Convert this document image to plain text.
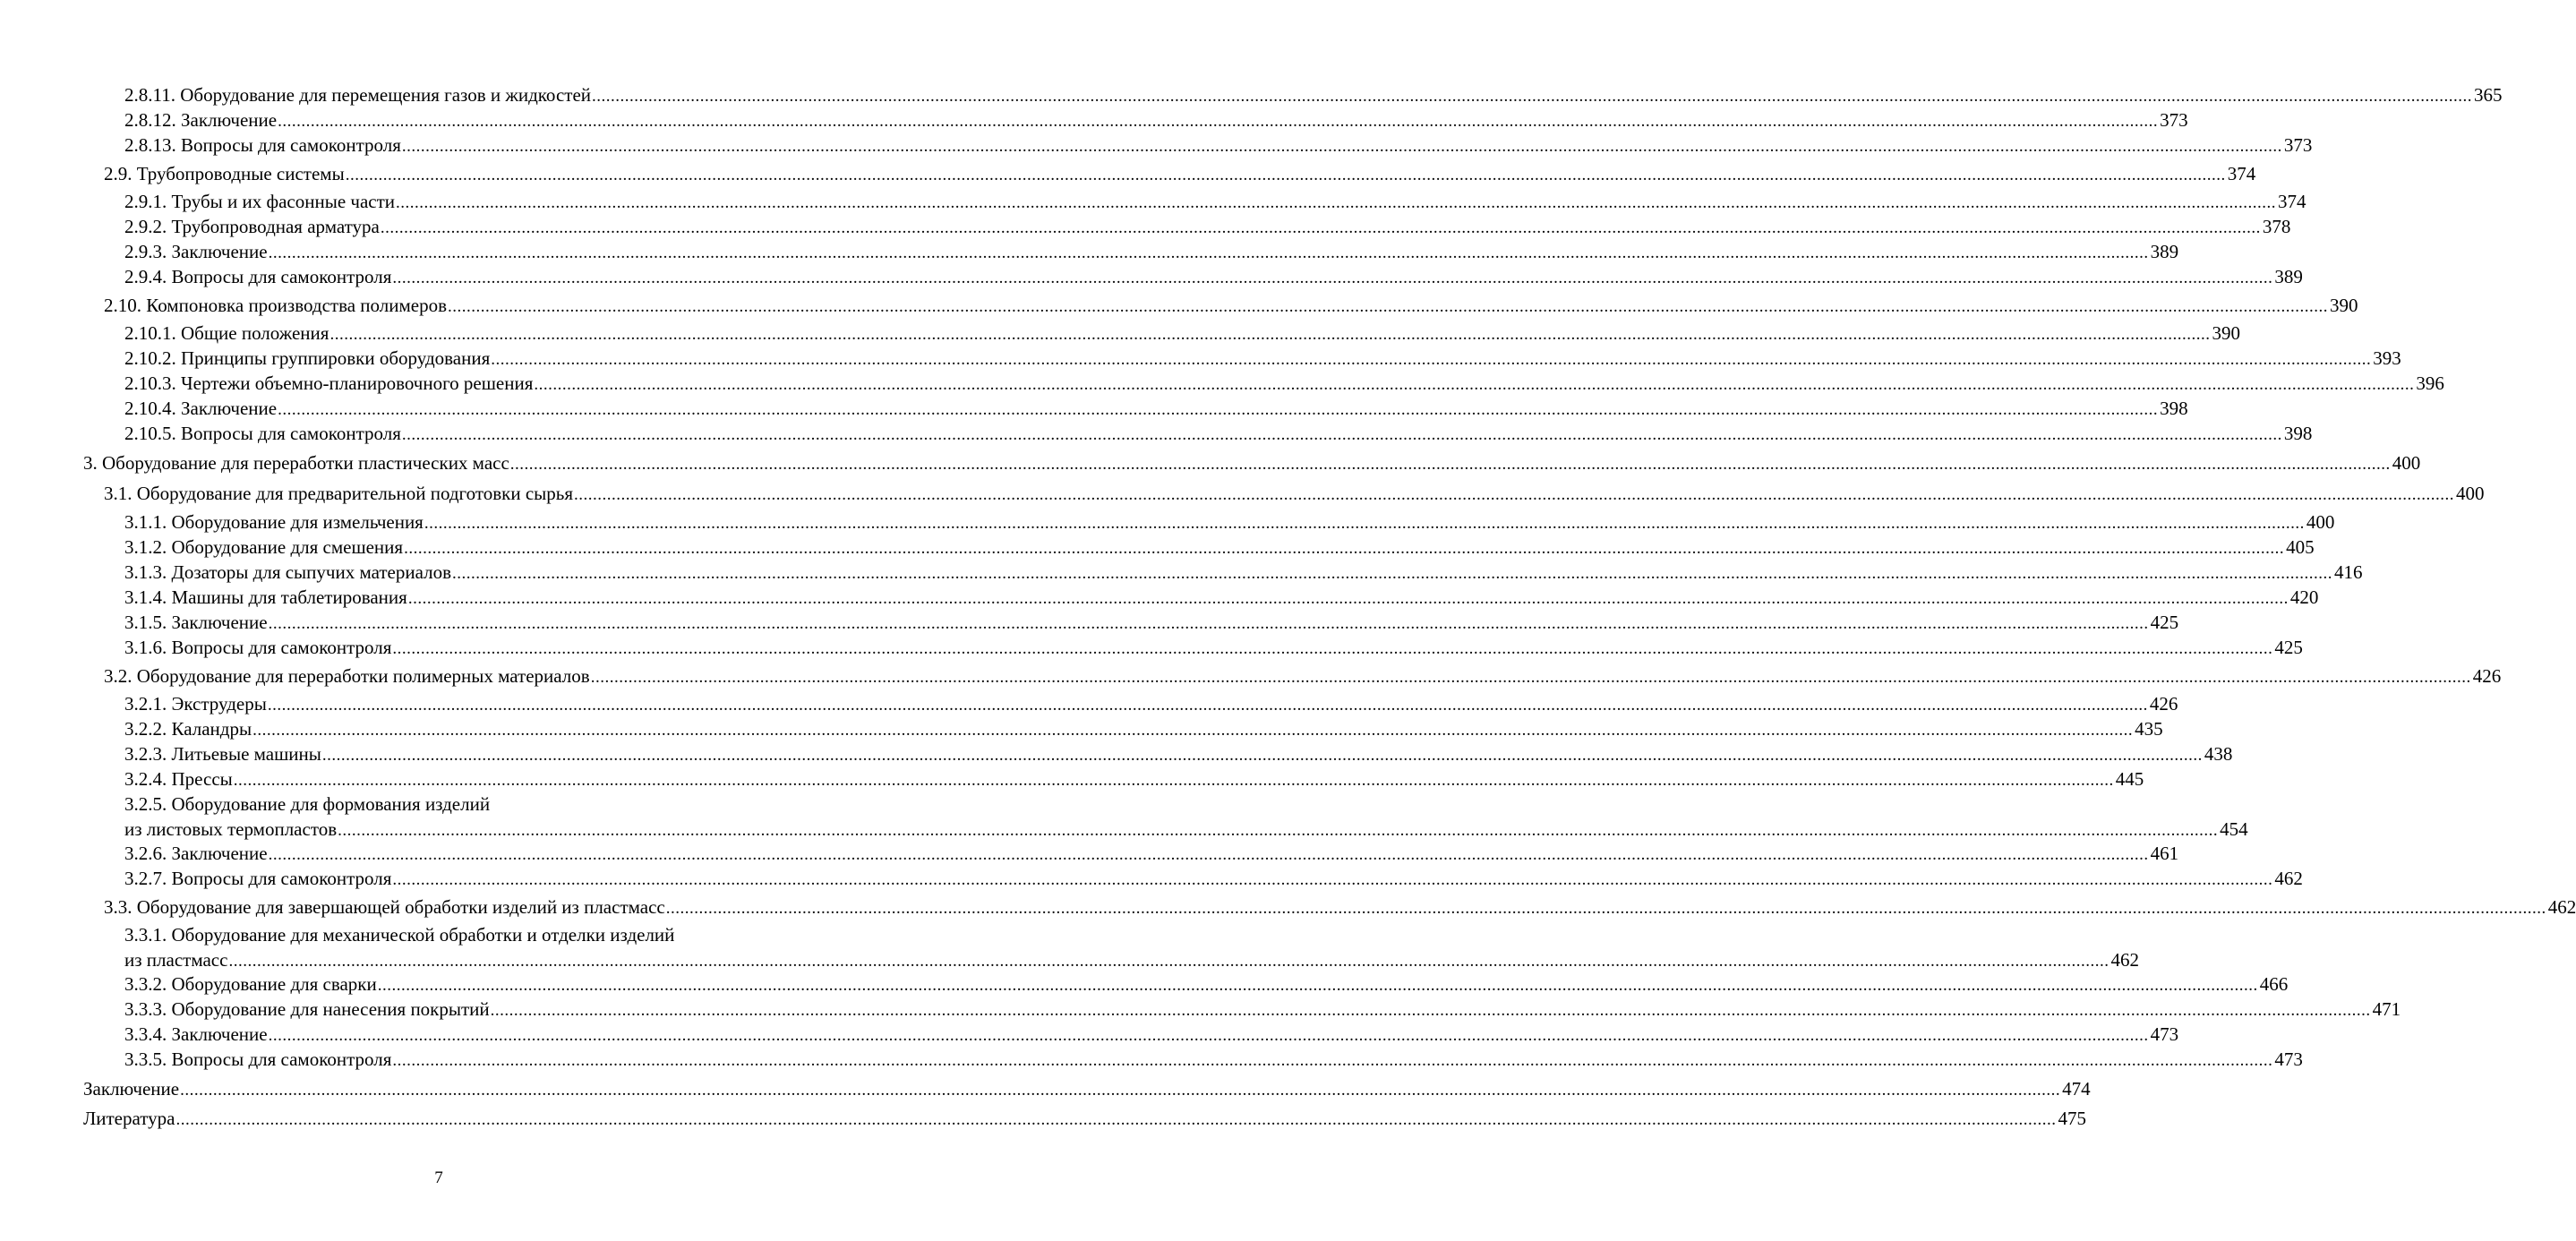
2.8.11. Оборудование для перемещения газов и жидкостей ................................................................................................................................................................................................................................................................................................................................................................................................................ 365
2.8.12. Заключение ................................................................................................................................................................................................................................................................................................................................................................................................................ 373
2.8.13. Вопросы для самоконтроля ................................................................................................................................................................................................................................................................................................................................................................................................................ 373
2.9. Трубопроводные системы ................................................................................................................................................................................................................................................................................................................................................................................................................ 374
2.9.1. Трубы и их фасонные части ................................................................................................................................................................................................................................................................................................................................................................................................................ 374
2.9.2. Трубопроводная арматура ................................................................................................................................................................................................................................................................................................................................................................................................................ 378
2.9.3. Заключение ................................................................................................................................................................................................................................................................................................................................................................................................................ 389
2.9.4. Вопросы для самоконтроля ................................................................................................................................................................................................................................................................................................................................................................................................................ 389
2.10. Компоновка производства полимеров ................................................................................................................................................................................................................................................................................................................................................................................................................ 390
2.10.1. Общие положения ................................................................................................................................................................................................................................................................................................................................................................................................................ 390
2.10.2. Принципы группировки оборудования ................................................................................................................................................................................................................................................................................................................................................................................................................ 393
2.10.3. Чертежи объемно-планировочного решения ................................................................................................................................................................................................................................................................................................................................................................................................................ 396
2.10.4. Заключение ................................................................................................................................................................................................................................................................................................................................................................................................................ 398
2.10.5. Вопросы для самоконтроля ................................................................................................................................................................................................................................................................................................................................................................................................................ 398
3. Оборудование для переработки пластических масс ................................................................................................................................................................................................................................................................................................................................................................................................................ 400
3.1. Оборудование для предварительной подготовки сырья ................................................................................................................................................................................................................................................................................................................................................................................................................ 400
3.1.1. Оборудование для измельчения ................................................................................................................................................................................................................................................................................................................................................................................................................ 400
3.1.2. Оборудование для смешения ................................................................................................................................................................................................................................................................................................................................................................................................................ 405
3.1.3. Дозаторы для сыпучих материалов ................................................................................................................................................................................................................................................................................................................................................................................................................ 416
3.1.4. Машины для таблетирования ................................................................................................................................................................................................................................................................................................................................................................................................................ 420
3.1.5. Заключение ................................................................................................................................................................................................................................................................................................................................................................................................................ 425
3.1.6. Вопросы для самоконтроля ................................................................................................................................................................................................................................................................................................................................................................................................................ 425
3.2. Оборудование для переработки полимерных материалов ................................................................................................................................................................................................................................................................................................................................................................................................................ 426
3.2.1. Экструдеры ................................................................................................................................................................................................................................................................................................................................................................................................................ 426
3.2.2. Каландры ................................................................................................................................................................................................................................................................................................................................................................................................................ 435
3.2.3. Литьевые машины ................................................................................................................................................................................................................................................................................................................................................................................................................ 438
3.2.4. Прессы ................................................................................................................................................................................................................................................................................................................................................................................................................ 445
3.2.5. Оборудование для формования изделий
из листовых термопластов ................................................................................................................................................................................................................................................................................................................................................................................................................ 454
3.2.6. Заключение ................................................................................................................................................................................................................................................................................................................................................................................................................ 461
3.2.7. Вопросы для самоконтроля ................................................................................................................................................................................................................................................................................................................................................................................................................ 462
3.3. Оборудование для завершающей обработки изделий из пластмасс ................................................................................................................................................................................................................................................................................................................................................................................................................ 462
3.3.1. Оборудование для механической обработки и отделки изделий
из пластмасс ................................................................................................................................................................................................................................................................................................................................................................................................................ 462
3.3.2. Оборудование для сварки ................................................................................................................................................................................................................................................................................................................................................................................................................ 466
3.3.3. Оборудование для нанесения покрытий ................................................................................................................................................................................................................................................................................................................................................................................................................ 471
3.3.4. Заключение ................................................................................................................................................................................................................................................................................................................................................................................................................ 473
3.3.5. Вопросы для самоконтроля ................................................................................................................................................................................................................................................................................................................................................................................................................ 473
Заключение ................................................................................................................................................................................................................................................................................................................................................................................................................ 474
Литература ................................................................................................................................................................................................................................................................................................................................................................................................................ 475
7
